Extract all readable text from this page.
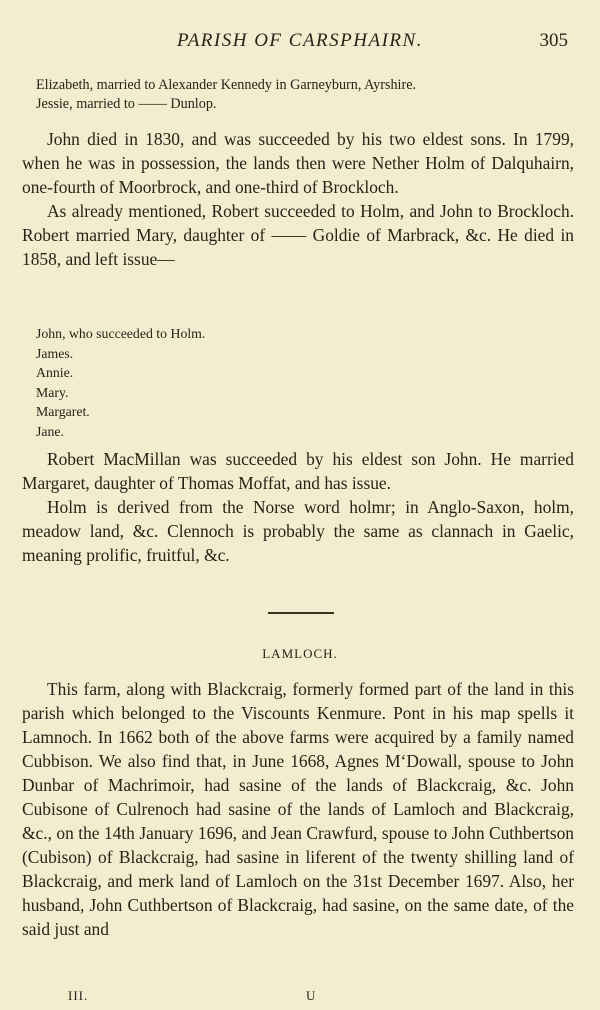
PARISH OF CARSPHAIRN.	305

Elizabeth, married to Alexander Kennedy in Garneyburn, Ayrshire.

Jessie, married to —— Dunlop.

John died in 1830, and was succeeded by his two eldest sons. In 1799, when he was in possession, the lands then were Nether Holm of Dalquhairn, one-fourth of Moorbrock, and one-third of Brockloch.

As already mentioned, Robert succeeded to Holm, and John to Brockloch. Robert married Mary, daughter of —— Goldie of Marbrack, &c. He died in 1858, and left issue—

John, who succeeded to Holm.
James.
Annie.
Mary.
Margaret.
Jane.

Robert MacMillan was succeeded by his eldest son John. He married Margaret, daughter of Thomas Moffat, and has issue.

Holm is derived from the Norse word holmr; in Anglo-Saxon, holm, meadow land, &c. Clennoch is probably the same as clannach in Gaelic, meaning prolific, fruitful, &c.

LAMLOCH.

This farm, along with Blackcraig, formerly formed part of the land in this parish which belonged to the Viscounts Kenmure. Pont in his map spells it Lamnoch. In 1662 both of the above farms were acquired by a family named Cubbison. We also find that, in June 1668, Agnes M‘Dowall, spouse to John Dunbar of Machrimoir, had sasine of the lands of Blackcraig, &c. John Cubisone of Culrenoch had sasine of the lands of Lamloch and Blackcraig, &c., on the 14th January 1696, and Jean Crawfurd, spouse to John Cuthbertson (Cubison) of Blackcraig, had sasine in liferent of the twenty shilling land of Blackcraig, and merk land of Lamloch on the 31st December 1697. Also, her husband, John Cuthbertson of Blackcraig, had sasine, on the same date, of the said just and

III.	U
